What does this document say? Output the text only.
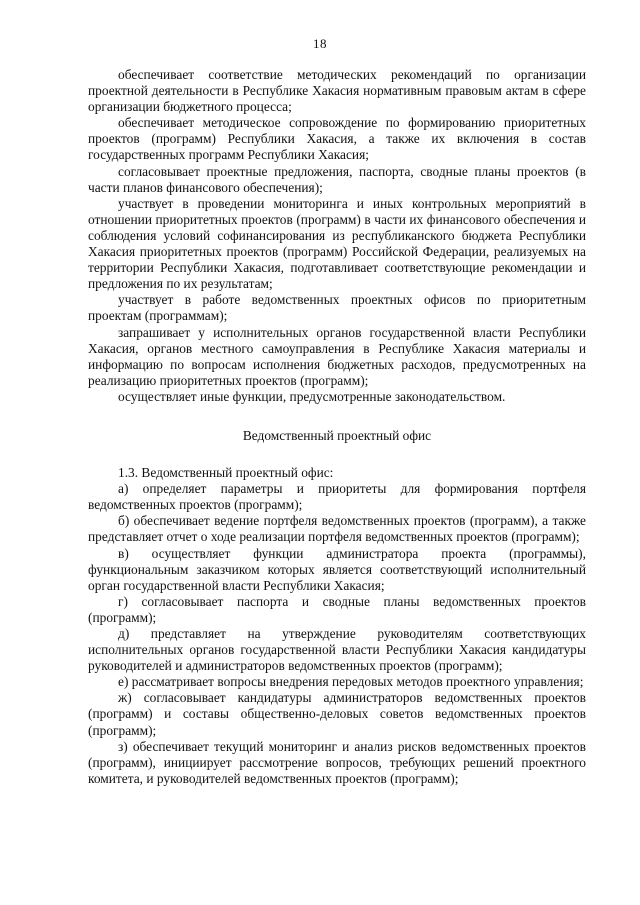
18

обеспечивает соответствие методических рекомендаций по организации проектной деятельности в Республике Хакасия нормативным правовым актам в сфере организации бюджетного процесса;

обеспечивает методическое сопровождение по формированию приоритетных проектов (программ) Республики Хакасия, а также их включения в состав государственных программ Республики Хакасия;

согласовывает проектные предложения, паспорта, сводные планы проектов (в части планов финансового обеспечения);

участвует в проведении мониторинга и иных контрольных мероприятий в отношении приоритетных проектов (программ) в части их финансового обеспечения и соблюдения условий софинансирования из республиканского бюджета Республики Хакасия приоритетных проектов (программ) Российской Федерации, реализуемых на территории Республики Хакасия, подготавливает соответствующие рекомендации и предложения по их результатам;

участвует в работе ведомственных проектных офисов по приоритетным проектам (программам);

запрашивает у исполнительных органов государственной власти Республики Хакасия, органов местного самоуправления в Республике Хакасия материалы и информацию по вопросам исполнения бюджетных расходов, предусмотренных на реализацию приоритетных проектов (программ);

осуществляет иные функции, предусмотренные законодательством.

Ведомственный проектный офис

1.3. Ведомственный проектный офис:

а) определяет параметры и приоритеты для формирования портфеля ведомственных проектов (программ);

б) обеспечивает ведение портфеля ведомственных проектов (программ), а также представляет отчет о ходе реализации портфеля ведомственных проектов (программ);

в) осуществляет функции администратора проекта (программы), функциональным заказчиком которых является соответствующий исполнительный орган государственной власти Республики Хакасия;

г) согласовывает паспорта и сводные планы ведомственных проектов (программ);

д) представляет на утверждение руководителям соответствующих исполнительных органов государственной власти Республики Хакасия кандидатуры руководителей и администраторов ведомственных проектов (программ);

е) рассматривает вопросы внедрения передовых методов проектного управления;

ж) согласовывает кандидатуры администраторов ведомственных проектов (программ) и составы общественно-деловых советов ведомственных проектов (программ);

з) обеспечивает текущий мониторинг и анализ рисков ведомственных проектов (программ), инициирует рассмотрение вопросов, требующих решений проектного комитета, и руководителей ведомственных проектов (программ);
